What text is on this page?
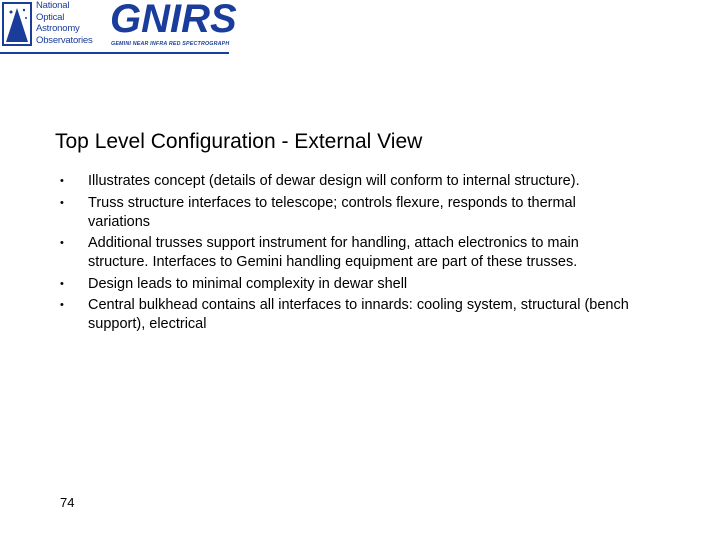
National
Optical
Astronomy
Observatories GNIRS
GEMINI NEAR INFRA RED SPECTROGRAPH
Top Level Configuration - External View
• Illustrates concept (details of dewar design will conform to internal structure).
• Truss structure interfaces to telescope; controls flexure, responds to thermal variations
• Additional trusses support instrument for handling, attach electronics to main structure. Interfaces to Gemini handling equipment are part of these trusses.
• Design leads to minimal complexity in dewar shell
• Central bulkhead contains all interfaces to innards: cooling system, structural (bench support), electrical
74
